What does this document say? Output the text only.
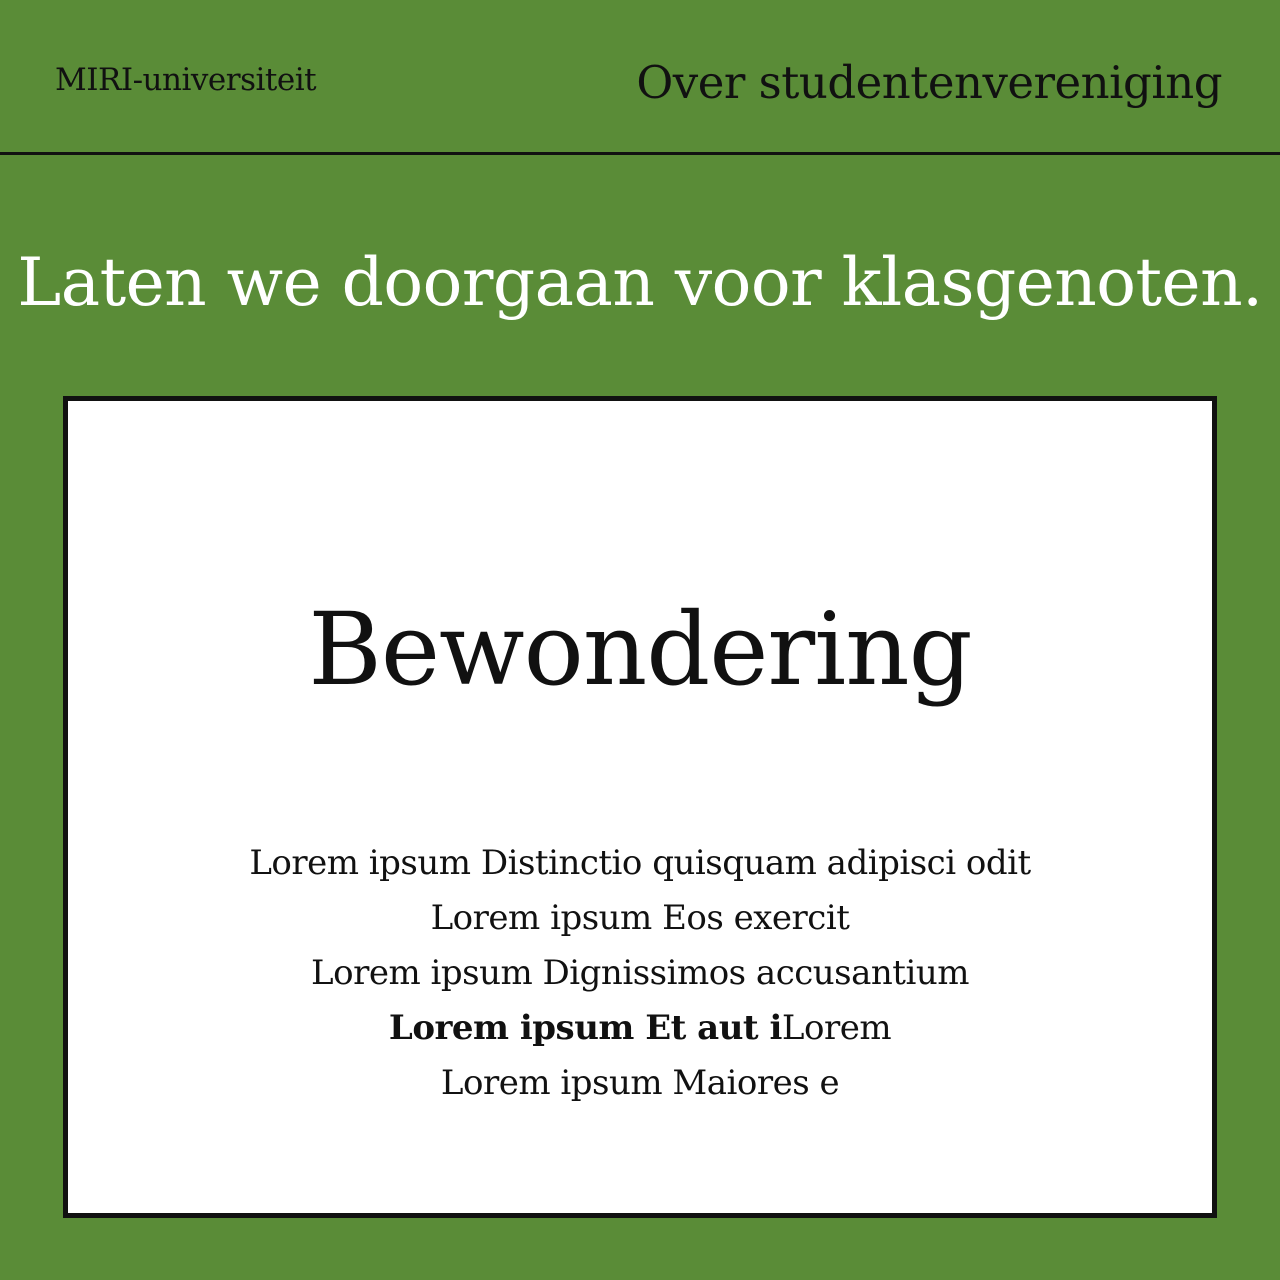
MIRI-universiteit	Over studentenvereniging
Laten we doorgaan voor klasgenoten.
Bewondering
Lorem ipsum Distinctio quisquam adipisci odit
Lorem ipsum Eos exercit
Lorem ipsum Dignissimos accusantium
Lorem ipsum Et aut iLorem
Lorem ipsum Maiores e
